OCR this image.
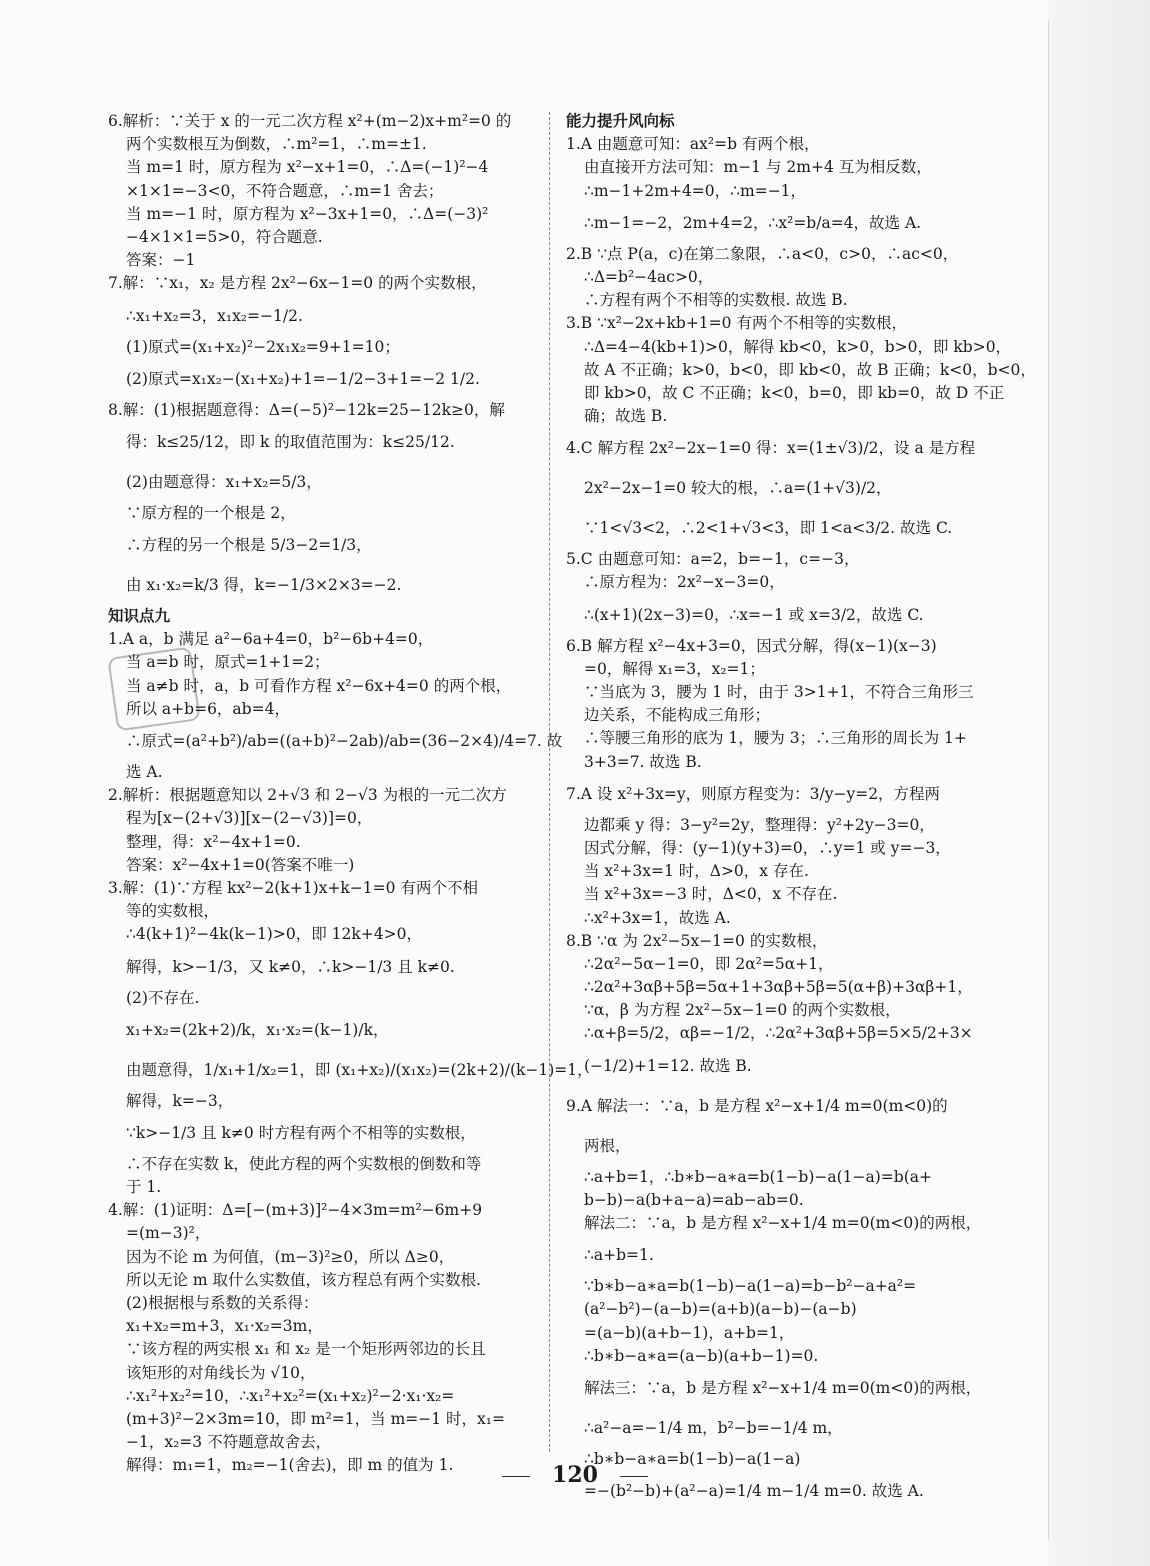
6.解析：∵关于 x 的一元二次方程 x²+(m−2)x+m²=0 的
两个实数根互为倒数，∴m²=1，∴m=±1.
当 m=1 时，原方程为 x²−x+1=0，∴Δ=(−1)²−4
×1×1=−3<0，不符合题意，∴m=1 舍去；
当 m=−1 时，原方程为 x²−3x+1=0，∴Δ=(−3)²
−4×1×1=5>0，符合题意.
答案：−1
7.解：∵x₁，x₂ 是方程 2x²−6x−1=0 的两个实数根，
∴x₁+x₂=3，x₁x₂=−1/2.
(1)原式=(x₁+x₂)²−2x₁x₂=9+1=10；
(2)原式=x₁x₂−(x₁+x₂)+1=−1/2−3+1=−2 1/2.
8.解：(1)根据题意得：Δ=(−5)²−12k=25−12k≥0，解
得：k≤25/12，即 k 的取值范围为：k≤25/12.
(2)由题意得：x₁+x₂=5/3，
∵原方程的一个根是 2，
∴方程的另一个根是 5/3−2=1/3，
由 x₁·x₂=k/3 得，k=−1/3×2×3=−2.
知识点九
1.A a，b 满足 a²−6a+4=0，b²−6b+4=0，
当 a=b 时，原式=1+1=2；
当 a≠b 时，a，b 可看作方程 x²−6x+4=0 的两个根，
所以 a+b=6，ab=4，
∴原式=(a²+b²)/ab=((a+b)²−2ab)/ab=(36−2×4)/4=7. 故
选 A.
2.解析：根据题意知以 2+√3 和 2−√3 为根的一元二次方
程为[x−(2+√3)][x−(2−√3)]=0，
整理，得：x²−4x+1=0.
答案：x²−4x+1=0(答案不唯一)
3.解：(1)∵方程 kx²−2(k+1)x+k−1=0 有两个不相
等的实数根，
∴4(k+1)²−4k(k−1)>0，即 12k+4>0，
解得，k>−1/3，又 k≠0，∴k>−1/3 且 k≠0.
(2)不存在.
x₁+x₂=(2k+2)/k，x₁·x₂=(k−1)/k，
由题意得，1/x₁+1/x₂=1，即 (x₁+x₂)/(x₁x₂)=(2k+2)/(k−1)=1，
解得，k=−3，
∵k>−1/3 且 k≠0 时方程有两个不相等的实数根，
∴不存在实数 k，使此方程的两个实数根的倒数和等
于 1.
4.解：(1)证明：Δ=[−(m+3)]²−4×3m=m²−6m+9
=(m−3)²，
因为不论 m 为何值，(m−3)²≥0，所以 Δ≥0，
所以无论 m 取什么实数值，该方程总有两个实数根.
(2)根据根与系数的关系得：
x₁+x₂=m+3，x₁·x₂=3m，
∵该方程的两实根 x₁ 和 x₂ 是一个矩形两邻边的长且
该矩形的对角线长为 √10，
∴x₁²+x₂²=10，∴x₁²+x₂²=(x₁+x₂)²−2·x₁·x₂=
(m+3)²−2×3m=10，即 m²=1，当 m=−1 时，x₁=
−1，x₂=3 不符题意故舍去，
解得：m₁=1，m₂=−1(舍去)，即 m 的值为 1.
能力提升风向标
1.A 由题意可知：ax²=b 有两个根，
由直接开方法可知：m−1 与 2m+4 互为相反数，
∴m−1+2m+4=0，∴m=−1，
∴m−1=−2，2m+4=2，∴x²=b/a=4，故选 A.
2.B ∵点 P(a，c)在第二象限，∴a<0，c>0，∴ac<0，
∴Δ=b²−4ac>0，
∴方程有两个不相等的实数根. 故选 B.
3.B ∵x²−2x+kb+1=0 有两个不相等的实数根，
∴Δ=4−4(kb+1)>0，解得 kb<0，k>0，b>0，即 kb>0，
故 A 不正确；k>0，b<0，即 kb<0，故 B 正确；k<0，b<0，
即 kb>0，故 C 不正确；k<0，b=0，即 kb=0，故 D 不正
确；故选 B.
4.C 解方程 2x²−2x−1=0 得：x=(1±√3)/2，设 a 是方程
2x²−2x−1=0 较大的根，∴a=(1+√3)/2，
∵1<√3<2，∴2<1+√3<3，即 1<a<3/2. 故选 C.
5.C 由题意可知：a=2，b=−1，c=−3，
∴原方程为：2x²−x−3=0，
∴(x+1)(2x−3)=0，∴x=−1 或 x=3/2，故选 C.
6.B 解方程 x²−4x+3=0，因式分解，得(x−1)(x−3)
=0，解得 x₁=3，x₂=1；
∵当底为 3，腰为 1 时，由于 3>1+1，不符合三角形三
边关系，不能构成三角形；
∴等腰三角形的底为 1，腰为 3；∴三角形的周长为 1+
3+3=7. 故选 B.
7.A 设 x²+3x=y，则原方程变为：3/y−y=2，方程两
边都乘 y 得：3−y²=2y，整理得：y²+2y−3=0，
因式分解，得：(y−1)(y+3)=0，∴y=1 或 y=−3，
当 x²+3x=1 时，Δ>0，x 存在.
当 x²+3x=−3 时，Δ<0，x 不存在.
∴x²+3x=1，故选 A.
8.B ∵α 为 2x²−5x−1=0 的实数根，
∴2α²−5α−1=0，即 2α²=5α+1，
∴2α²+3αβ+5β=5α+1+3αβ+5β=5(α+β)+3αβ+1，
∵α，β 为方程 2x²−5x−1=0 的两个实数根，
∴α+β=5/2，αβ=−1/2，∴2α²+3αβ+5β=5×5/2+3×
(−1/2)+1=12. 故选 B.
9.A 解法一：∵a，b 是方程 x²−x+1/4 m=0(m<0)的
两根，
∴a+b=1，∴b∗b−a∗a=b(1−b)−a(1−a)=b(a+
b−b)−a(b+a−a)=ab−ab=0.
解法二：∵a，b 是方程 x²−x+1/4 m=0(m<0)的两根，
∴a+b=1.
∵b∗b−a∗a=b(1−b)−a(1−a)=b−b²−a+a²=
(a²−b²)−(a−b)=(a+b)(a−b)−(a−b)
=(a−b)(a+b−1)，a+b=1，
∴b∗b−a∗a=(a−b)(a+b−1)=0.
解法三：∵a，b 是方程 x²−x+1/4 m=0(m<0)的两根，
∴a²−a=−1/4 m，b²−b=−1/4 m，
∴b∗b−a∗a=b(1−b)−a(1−a)
=−(b²−b)+(a²−a)=1/4 m−1/4 m=0. 故选 A.
120
